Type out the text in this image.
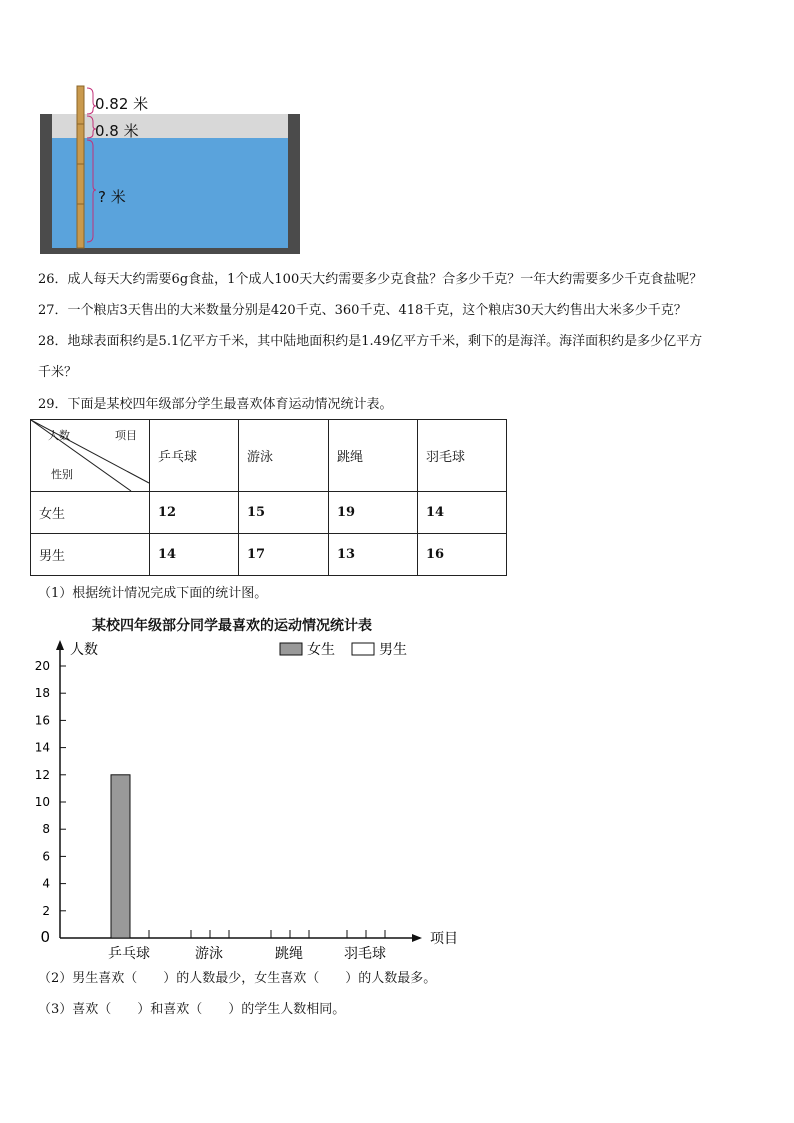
0.82 米
0.8 米
? 米
26．成人每天大约需要6g食盐，1个成人100天大约需要多少克食盐？合多少千克？一年大约需要多少千克食盐呢？
27．一个粮店3天售出的大米数量分别是420千克、360千克、418千克，这个粮店30天大约售出大米多少千克？
28．地球表面积约是5.1亿平方千米，其中陆地面积约是1.49亿平方千米，剩下的是海洋。海洋面积约是多少亿平方
千米？
29．下面是某校四年级部分学生最喜欢体育运动情况统计表。
人数 项目
性别	乒乓球	游泳	跳绳	羽毛球
女生	12	15	19	14
男生	14	17	13	16
（1）根据统计情况完成下面的统计图。
某校四年级部分同学最喜欢的运动情况统计表
人数
项目
0
2
4
6
8
10
12
14
16
18
20
乒乓球	游泳	跳绳	羽毛球
女生	男生
（2）男生喜欢（　　）的人数最少，女生喜欢（　　）的人数最多。
（3）喜欢（　　）和喜欢（　　）的学生人数相同。
